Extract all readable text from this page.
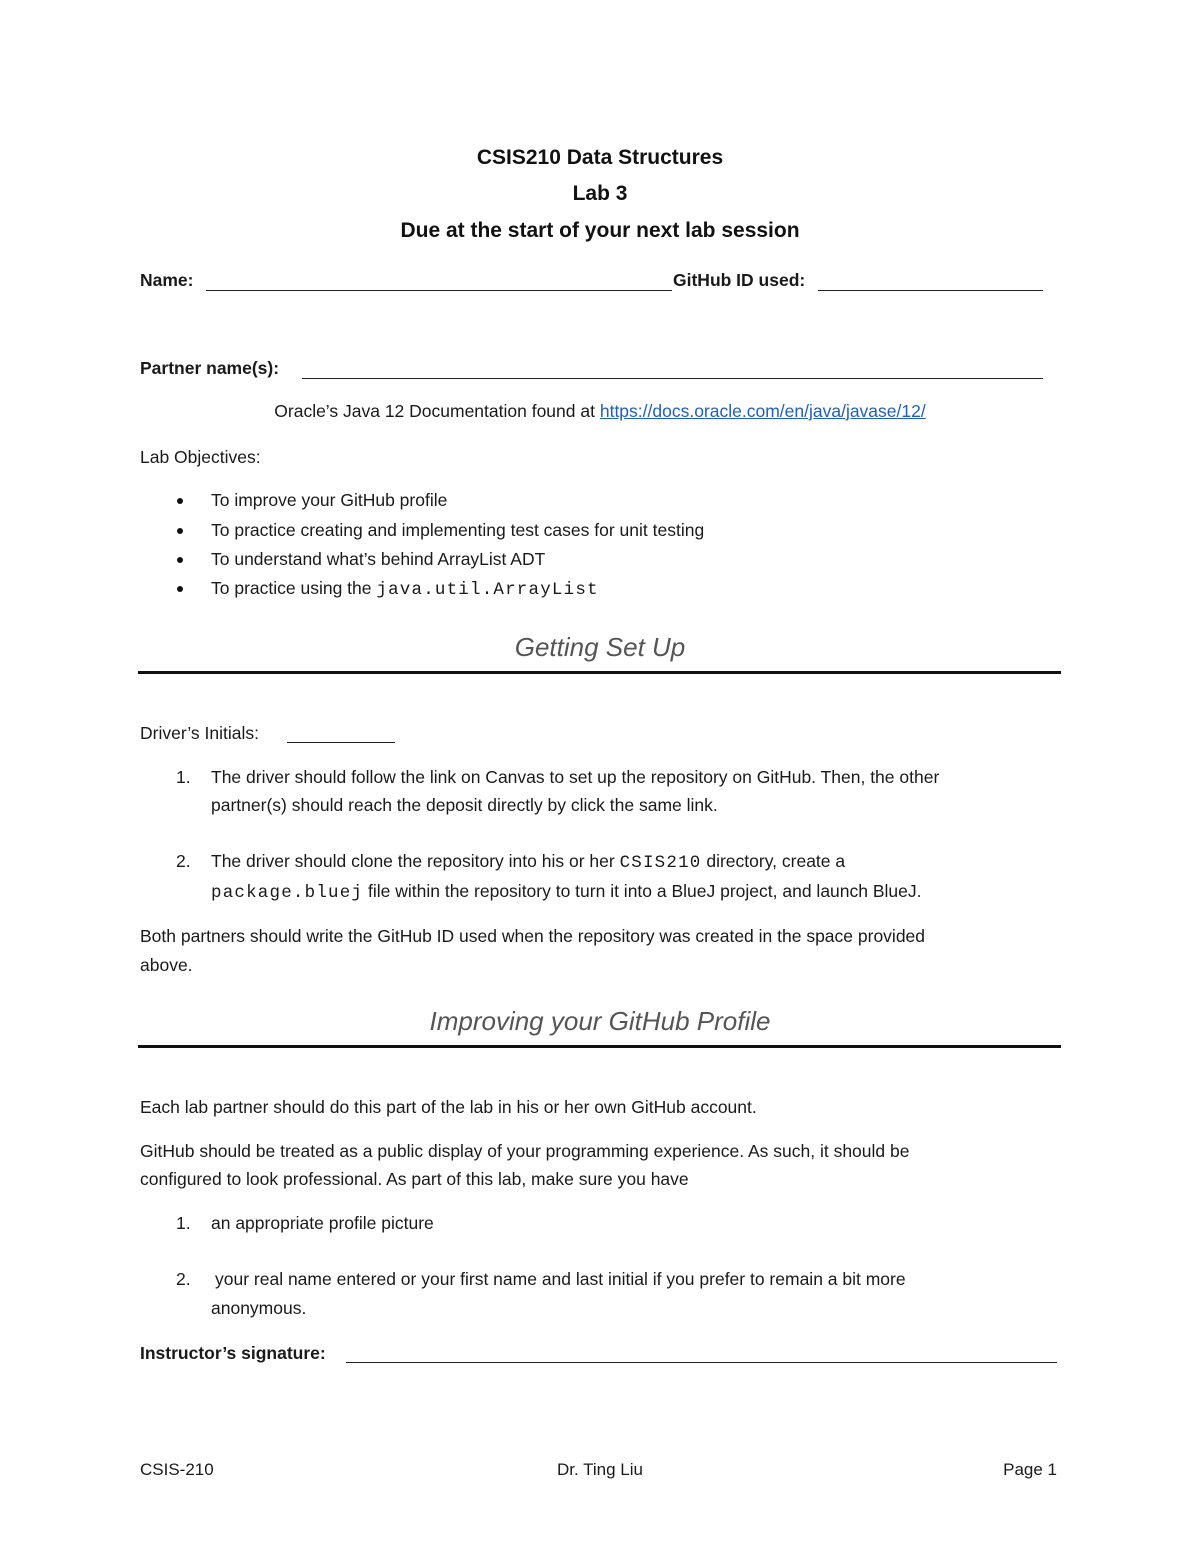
CSIS210 Data Structures
Lab 3
Due at the start of your next lab session
Name:	GitHub ID used:
Partner name(s):
Oracle’s Java 12 Documentation found at https://docs.oracle.com/en/java/javase/12/
Lab Objectives:
To improve your GitHub profile
To practice creating and implementing test cases for unit testing
To understand what’s behind ArrayList ADT
To practice using the java.util.ArrayList
Getting Set Up
Driver’s Initials:
1. The driver should follow the link on Canvas to set up the repository on GitHub. Then, the other
partner(s) should reach the deposit directly by click the same link.
2. The driver should clone the repository into his or her CSIS210 directory, create a
package.bluej file within the repository to turn it into a BlueJ project, and launch BlueJ.
Both partners should write the GitHub ID used when the repository was created in the space provided
above.
Improving your GitHub Profile
Each lab partner should do this part of the lab in his or her own GitHub account.
GitHub should be treated as a public display of your programming experience. As such, it should be
configured to look professional. As part of this lab, make sure you have
1. an appropriate profile picture
2. your real name entered or your first name and last initial if you prefer to remain a bit more
anonymous.
Instructor’s signature:
CSIS-210	Dr. Ting Liu	Page 1
